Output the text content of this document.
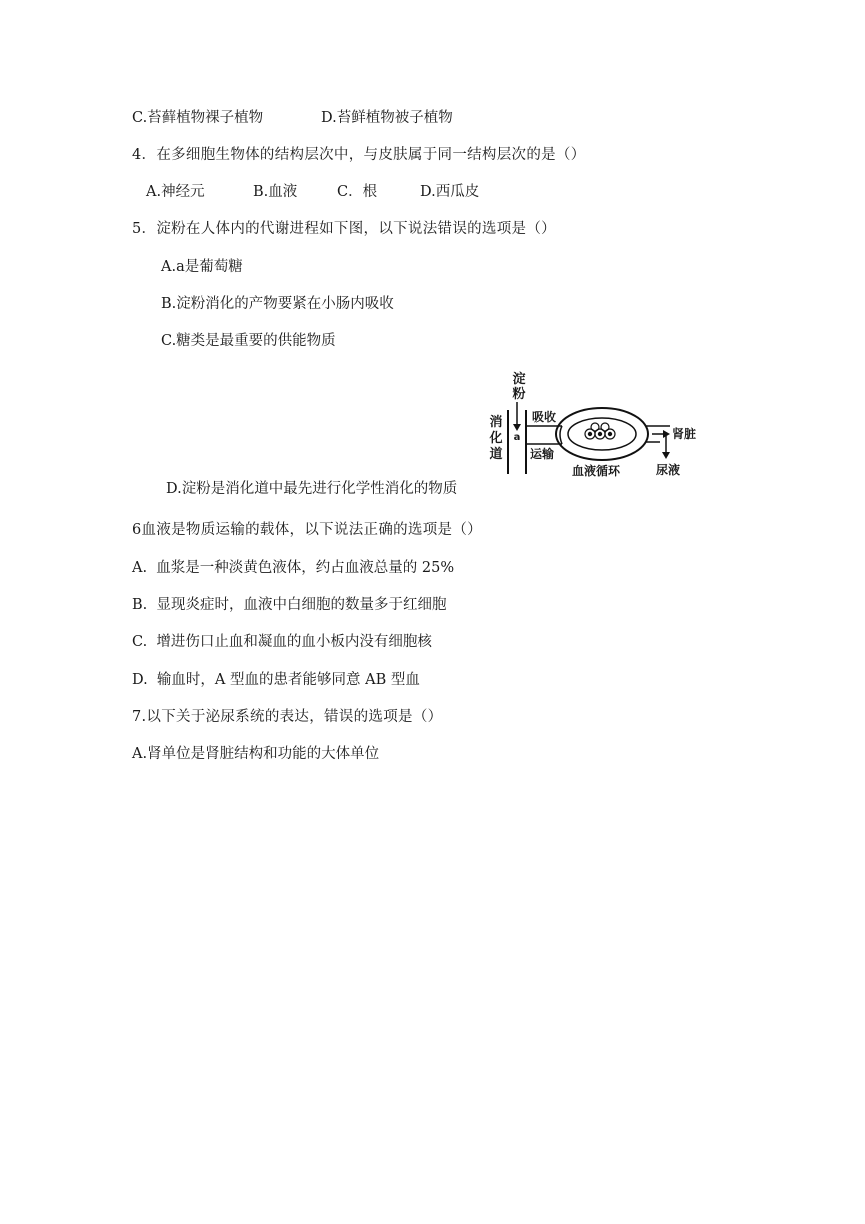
C.苔藓植物裸子植物	D.苔鲜植物被子植物
4．在多细胞生物体的结构层次中，与皮肤属于同一结构层次的是（）
A.神经元	B.血液	C．根	D.西瓜皮
5．淀粉在人体内的代谢进程如下图，以下说法错误的选项是（）
A.a是葡萄糖
B.淀粉消化的产物要紧在小肠内吸收
C.糖类是最重要的供能物质
淀
粉
a
消
化
道
吸收
运输
肾脏
尿液
血液循环
D.淀粉是消化道中最先进行化学性消化的物质
6血液是物质运输的载体，以下说法正确的选项是（）
A.  血浆是一种淡黄色液体，约占血液总量的 25%
B.  显现炎症时，血液中白细胞的数量多于红细胞
C.  增进伤口止血和凝血的血小板内没有细胞核
D.  输血时，A 型血的患者能够同意 AB 型血
7.以下关于泌尿系统的表达，错误的选项是（）
A.肾单位是肾脏结构和功能的大体单位
